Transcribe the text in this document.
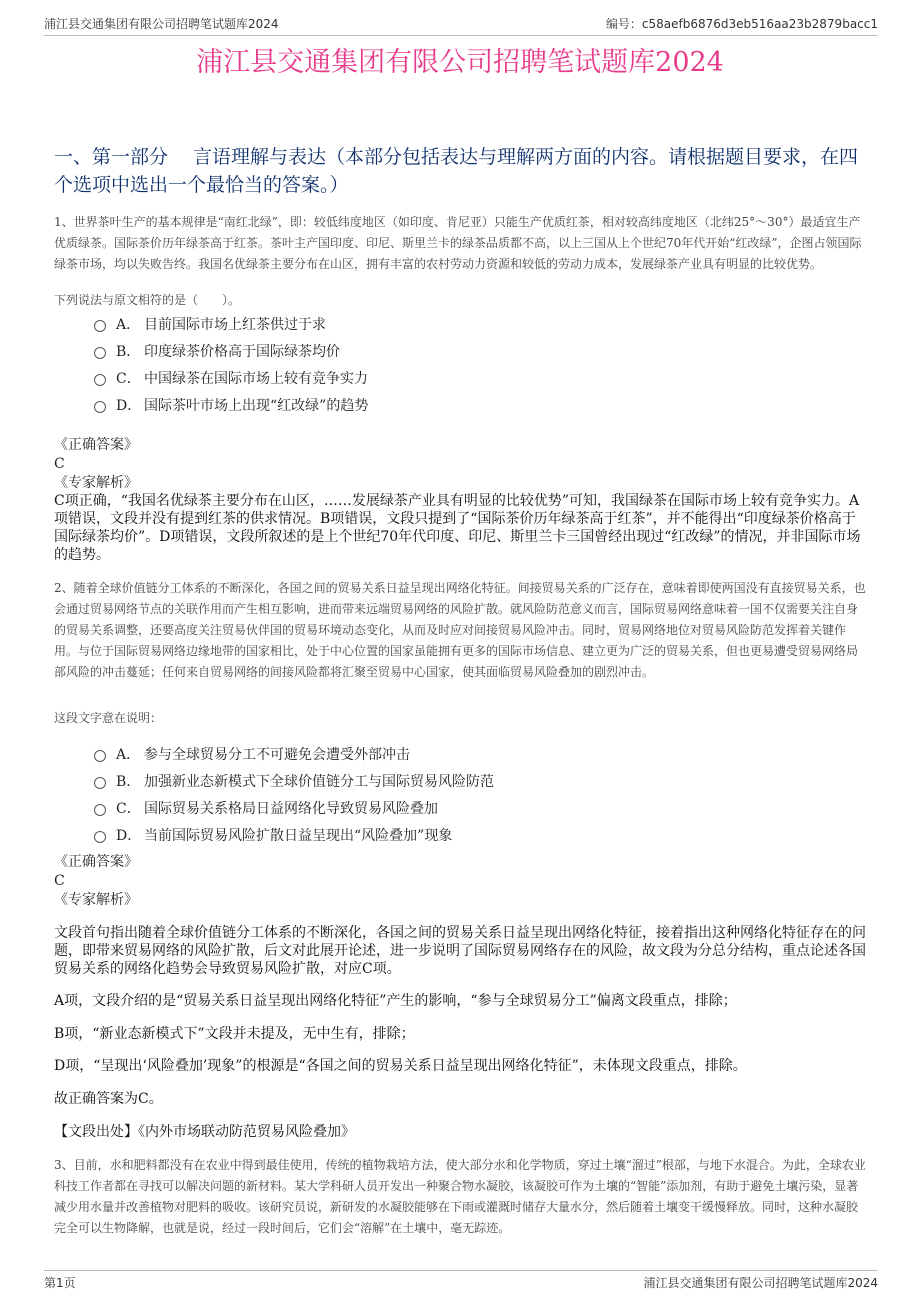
浦江县交通集团有限公司招聘笔试题库2024	编号：c58aefb6876d3eb516aa23b2879bacc1
浦江县交通集团有限公司招聘笔试题库2024
一、第一部分　 言语理解与表达（本部分包括表达与理解两方面的内容。请根据题目要求，在四个选项中选出一个最恰当的答案。）
1、世界茶叶生产的基本规律是“南红北绿”，即：较低纬度地区（如印度、肯尼亚）只能生产优质红茶，相对较高纬度地区（北纬25°～30°）最适宜生产优质绿茶。国际茶价历年绿茶高于红茶。茶叶主产国印度、印尼、斯里兰卡的绿茶品质都不高，以上三国从上个世纪70年代开始“红改绿”，企图占领国际绿茶市场，均以失败告终。我国名优绿茶主要分布在山区，拥有丰富的农村劳动力资源和较低的劳动力成本，发展绿茶产业具有明显的比较优势。
下列说法与原文相符的是（　　）。
A． 目前国际市场上红茶供过于求
B． 印度绿茶价格高于国际绿茶均价
C． 中国绿茶在国际市场上较有竞争实力
D． 国际茶叶市场上出现“红改绿”的趋势
《正确答案》
C
《专家解析》
C项正确，“我国名优绿茶主要分布在山区，……发展绿茶产业具有明显的比较优势”可知，我国绿茶在国际市场上较有竞争实力。A项错误，文段并没有提到红茶的供求情况。B项错误，文段只提到了“国际茶价历年绿茶高于红茶”，并不能得出“印度绿茶价格高于国际绿茶均价”。D项错误，文段所叙述的是上个世纪70年代印度、印尼、斯里兰卡三国曾经出现过“红改绿”的情况，并非国际市场的趋势。
2、随着全球价值链分工体系的不断深化，各国之间的贸易关系日益呈现出网络化特征。间接贸易关系的广泛存在，意味着即使两国没有直接贸易关系，也会通过贸易网络节点的关联作用而产生相互影响，进而带来远端贸易网络的风险扩散。就风险防范意义而言，国际贸易网络意味着一国不仅需要关注自身的贸易关系调整，还要高度关注贸易伙伴国的贸易环境动态变化，从而及时应对间接贸易风险冲击。同时，贸易网络地位对贸易风险防范发挥着关键作用。与位于国际贸易网络边缘地带的国家相比，处于中心位置的国家虽能拥有更多的国际市场信息、建立更为广泛的贸易关系，但也更易遭受贸易网络局部风险的冲击蔓延；任何来自贸易网络的间接风险都将汇聚至贸易中心国家，使其面临贸易风险叠加的剧烈冲击。
这段文字意在说明：
A． 参与全球贸易分工不可避免会遭受外部冲击
B． 加强新业态新模式下全球价值链分工与国际贸易风险防范
C． 国际贸易关系格局日益网络化导致贸易风险叠加
D． 当前国际贸易风险扩散日益呈现出“风险叠加”现象
《正确答案》
C
《专家解析》
文段首句指出随着全球价值链分工体系的不断深化，各国之间的贸易关系日益呈现出网络化特征，接着指出这种网络化特征存在的问题，即带来贸易网络的风险扩散，后文对此展开论述，进一步说明了国际贸易网络存在的风险，故文段为分总分结构，重点论述各国贸易关系的网络化趋势会导致贸易风险扩散，对应C项。
A项，文段介绍的是“贸易关系日益呈现出网络化特征”产生的影响，“参与全球贸易分工”偏离文段重点，排除；
B项，“新业态新模式下”文段并未提及，无中生有，排除；
D项，“呈现出‘风险叠加’现象”的根源是“各国之间的贸易关系日益呈现出网络化特征”，未体现文段重点，排除。
故正确答案为C。
【文段出处】《内外市场联动防范贸易风险叠加》
3、目前，水和肥料都没有在农业中得到最佳使用，传统的植物栽培方法，使大部分水和化学物质，穿过土壤“溜过”根部，与地下水混合。为此，全球农业科技工作者都在寻找可以解决问题的新材料。某大学科研人员开发出一种聚合物水凝胶，该凝胶可作为土壤的“智能”添加剂，有助于避免土壤污染，显著减少用水量并改善植物对肥料的吸收。该研究员说，新研发的水凝胶能够在下雨或灌溉时储存大量水分，然后随着土壤变干缓慢释放。同时，这种水凝胶完全可以生物降解，也就是说，经过一段时间后，它们会“溶解”在土壤中，毫无踪迹。
第1页	浦江县交通集团有限公司招聘笔试题库2024
